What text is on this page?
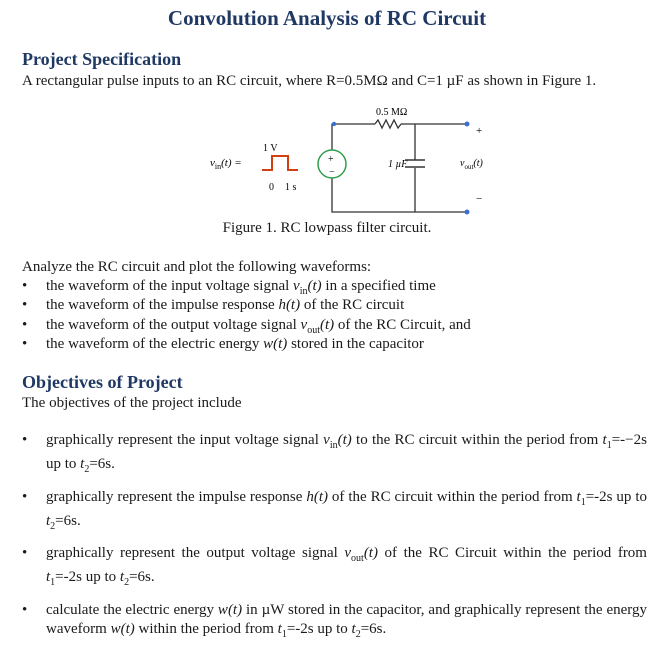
Convolution Analysis of RC Circuit
Project Specification
A rectangular pulse inputs to an RC circuit, where R=0.5MΩ and C=1 µF as shown in Figure 1.
$v_{in}(t)$ =
1 V
0 1 s
+
−
0.5 MΩ
1 µF	$v_{out}(t)$
+
−
Figure 1. RC lowpass filter circuit.
Analyze the RC circuit and plot the following waveforms:
•	the waveform of the input voltage signal $v_{in}(t)$ in a specified time
•	the waveform of the impulse response h(t) of the RC circuit
•	the waveform of the output voltage signal $v_{out}(t)$ of the RC Circuit, and
•	the waveform of the electric energy w(t) stored in the capacitor
Objectives of Project
The objectives of the project include
•	graphically represent the input voltage signal $v_{in}(t)$ to the RC circuit within the period from $t_1=--2s$ up to $t_2=6s$.
•	graphically represent the impulse response h(t) of the RC circuit within the period from $t_1=-2s$ up to $t_2=6s$.
•	graphically represent the output voltage signal $v_{out}(t)$ of the RC Circuit within the period from $t_1=-2s$ up to $t_2=6s$.
•	calculate the electric energy w(t) in µW stored in the capacitor, and graphically represent the energy waveform w(t) within the period from $t_1=-2s$ up to $t_2=6s$.
